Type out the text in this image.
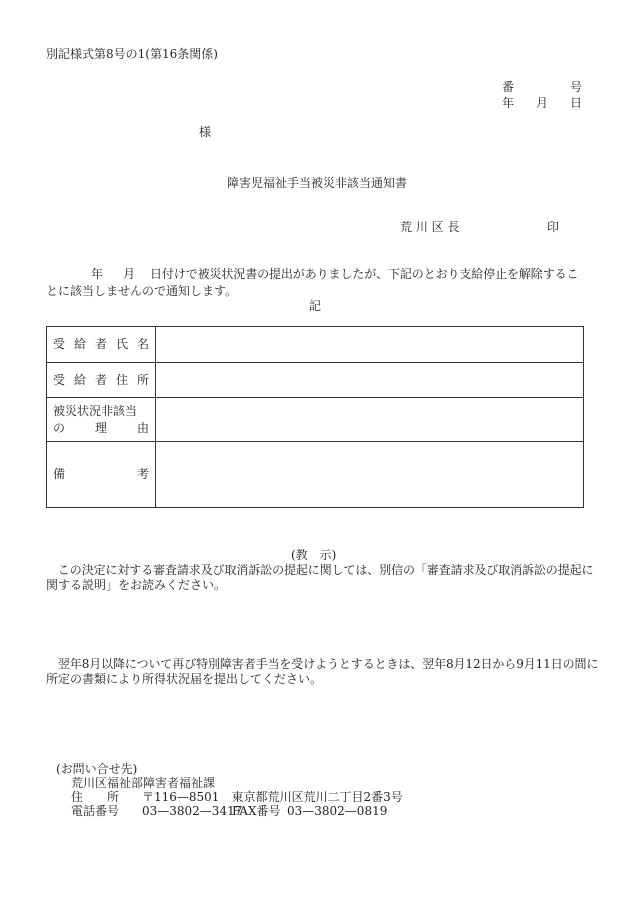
別記様式第8号の1(第16条関係)
番	号
年 月 日
様
障害児福祉手当被災非該当通知書
荒 川 区 長	印
年 月 日付けで被災状況書の提出がありましたが、下記のとおり支給停止を解除するこ
とに該当しませんので通知します。
記
受 給 者 氏 名	

受 給 者 住 所	

被災状況非該当
の 理 由	

備 考	

(教　示)
　この決定に対する審査請求及び取消訴訟の提起に関しては、別信の「審査請求及び取消訴訟の提起に
関する説明」をお読みください。
　翌年8月以降について再び特別障害者手当を受けようとするときは、翌年8月12日から9月11日の間に
所定の書類により所得状況届を提出してください。
(お問い合せ先)
荒川区福祉部障害者福祉課
住　　所 〒116—8501　東京都荒川区荒川二丁目2番3号
電話番号 03—3802—3417
FAX番号 03—3802—0819
